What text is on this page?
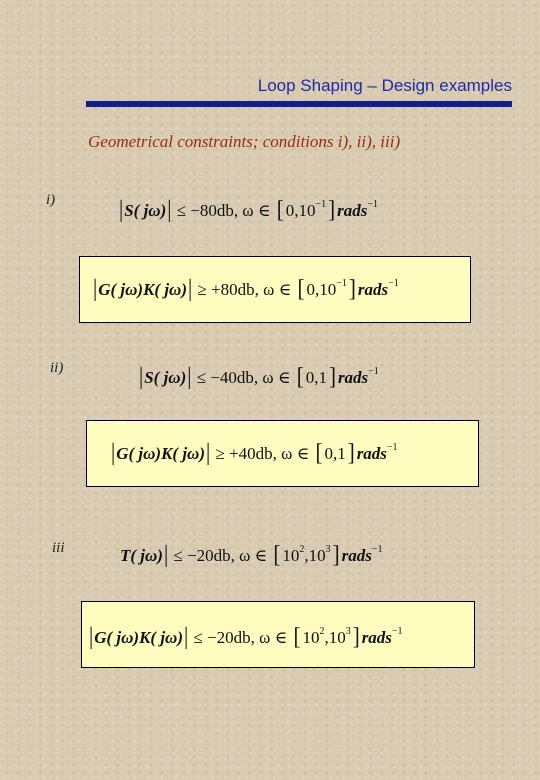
Loop Shaping – Design examples
Geometrical constraints; conditions i), ii), iii)
i)	|S( jω)| ≤ −80db, ω ∈ [ $0,10^{-1}$] rads$^{-1}$
|G( jω)K( jω)| ≥ +80db, ω ∈ [ $0,10^{-1}$] rads$^{-1}$
ii)	|S( jω)| ≤ −40db, ω ∈ [ 0,1] rads$^{-1}$
|G( jω)K( jω)| ≥ +40db, ω ∈ [ 0,1] rads$^{-1}$
iii	T( jω)| ≤ −20db, ω ∈ [ $10^2,10^3$] rads$^{-1}$
|G( jω)K( jω)| ≤ −20db, ω ∈ [ $10^2,10^3$] rads$^{-1}$
